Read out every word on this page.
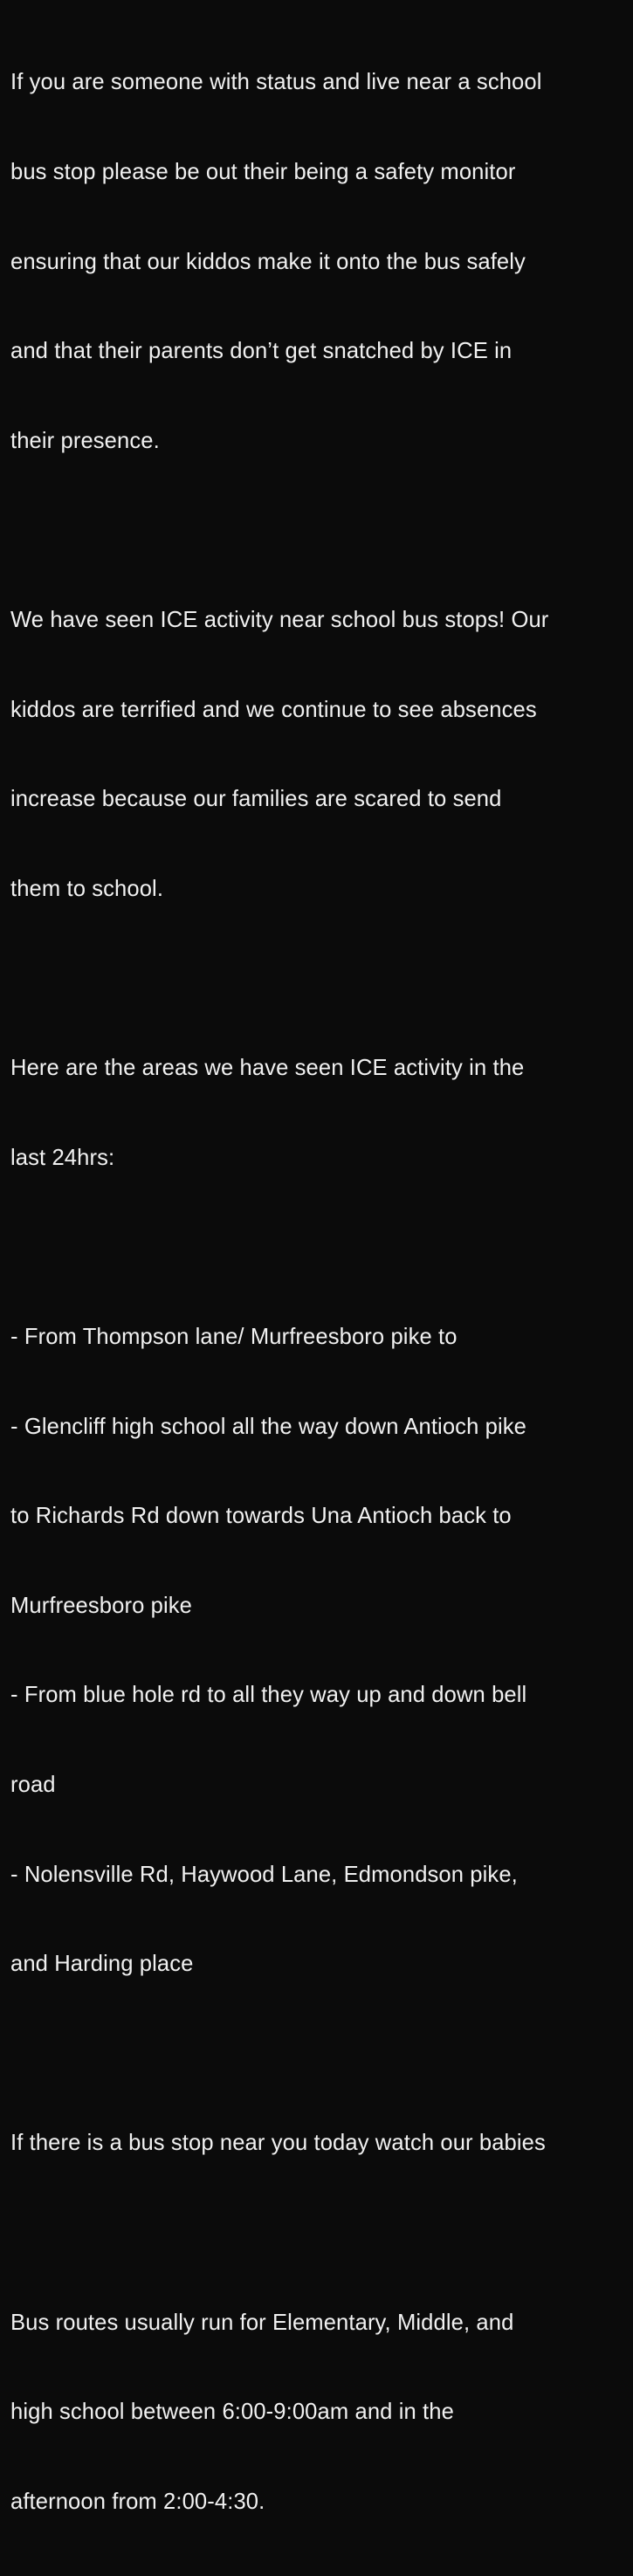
If you are someone with status and live near a school

bus stop please be out their being a safety monitor

ensuring that our kiddos make it onto the bus safely

and that their parents don’t get snatched by ICE in

their presence.

We have seen ICE activity near school bus stops! Our

kiddos are terrified and we continue to see absences

increase because our families are scared to send

them to school.

Here are the areas we have seen ICE activity in the

last 24hrs:

- From Thompson lane/ Murfreesboro pike to

- Glencliff high school all the way down Antioch pike

to Richards Rd down towards Una Antioch back to

Murfreesboro pike

- From blue hole rd to all they way up and down bell

road

- Nolensville Rd, Haywood Lane, Edmondson pike,

and Harding place

If there is a bus stop near you today watch our babies

Bus routes usually run for Elementary, Middle, and

high school between 6:00-9:00am and in the

afternoon from 2:00-4:30.
